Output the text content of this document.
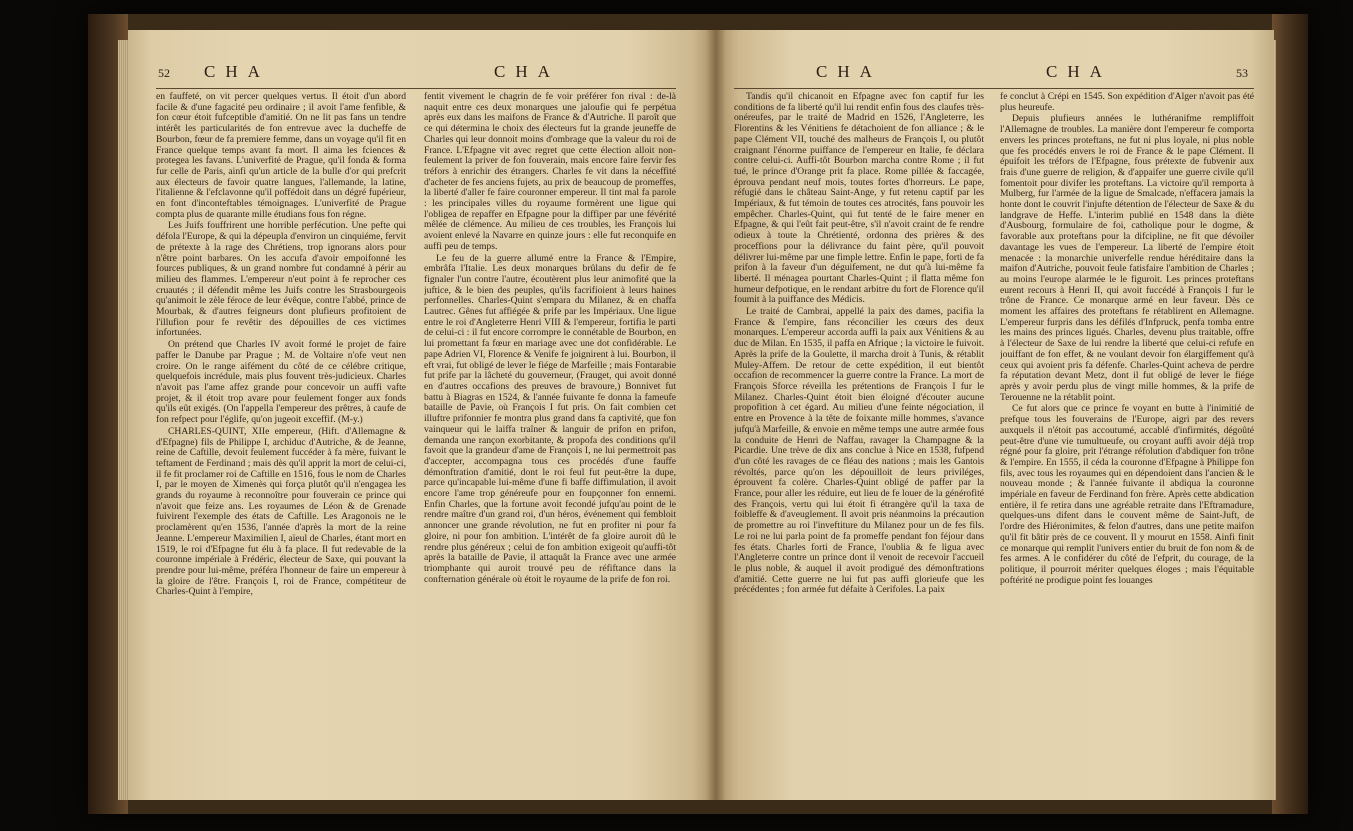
52 CHA	CHA

en fauffeté, on vit percer quelques vertus. Il étoit d'un abord facile & d'une fagacité peu ordinaire ; il avoit l'ame fenfible, & fon cœur étoit fufceptible d'amitié. On ne lit pas fans un tendre intérêt les particularités de fon entrevue avec la ducheffe de Bourbon, fœur de fa premiere femme, dans un voyage qu'il fit en France quelque temps avant fa mort. Il aima les fciences & protegea les favans. L'univerfité de Prague, qu'il fonda & forma fur celle de Paris, ainfi qu'un article de la bulle d'or qui prefcrit aux électeurs de favoir quatre langues, l'allemande, la latine, l'italienne & l'efclavonne qu'il poffédoit dans un dégré fupérieur, en font d'inconteftables témoignages. L'univerfité de Prague compta plus de quarante mille étudians fous fon régne.

Les Juifs fouffrirent une horrible perfécution. Une pefte qui défola l'Europe, & qui la dépeupla d'environ un cinquiéme, fervit de prétexte à la rage des Chrétiens, trop ignorans alors pour n'être point barbares. On les accufa d'avoir empoifonné les fources publiques, & un grand nombre fut condamné à périr au milieu des flammes. L'empereur n'eut point à fe reprocher ces cruautés ; il défendit même les Juifs contre les Strasbourgeois qu'animoit le zèle féroce de leur évêque, contre l'abbé, prince de Mourbak, & d'autres feigneurs dont plufieurs profitoient de l'illufion pour fe revêtir des dépouilles de ces victimes infortunées.

On prétend que Charles IV avoit formé le projet de faire paffer le Danube par Prague ; M. de Voltaire n'ofe veut nen croire. On le range aifément du côté de ce célébre critique, quelquefois incrédule, mais plus fouvent très-judicieux. Charles n'avoit pas l'ame affez grande pour concevoir un auffi vafte projet, & il étoit trop avare pour feulement fonger aux fonds qu'ils eût exigés. (On l'appella l'empereur des prêtres, à caufe de fon refpect pour l'églife, qu'on jugeoit exceffif. (M-y.)

CHARLES-QUINT, XIIe empereur, (Hift. d'Allemagne & d'Efpagne) fils de Philippe I, archiduc d'Autriche, & de Jeanne, reine de Caftille, devoit feulement fuccéder à fa mère, fuivant le teftament de Ferdinand ; mais dès qu'il apprit la mort de celui-ci, il fe fit proclamer roi de Caftille en 1516, fous le nom de Charles I, par le moyen de Ximenès qui força plutôt qu'il n'engagea les grands du royaume à reconnoître pour fouverain ce prince qui n'avoit que feize ans. Les royaumes de Léon & de Grenade fuivirent l'exemple des états de Caftille. Les Aragonois ne le proclamèrent qu'en 1536, l'année d'après la mort de la reine Jeanne. L'empereur Maximilien I, aïeul de Charles, étant mort en 1519, le roi d'Efpagne fut élu à fa place. Il fut redevable de la couronne impériale à Frédéric, électeur de Saxe, qui pouvant la prendre pour lui-même, préféra l'honneur de faire un empereur à la gloire de l'être. François I, roi de France, compétiteur de Charles-Quint à l'empire,

fentit vivement le chagrin de fe voir préférer fon rival : de-là naquit entre ces deux monarques une jaloufie qui fe perpétua après eux dans les maifons de France & d'Autriche. Il paroît que ce qui détermina le choix des électeurs fut la grande jeuneffe de Charles qui leur donnoit moins d'ombrage que la valeur du roi de France. L'Efpagne vit avec regret que cette élection alloit non-feulement la priver de fon fouverain, mais encore faire fervir fes tréfors à enrichir des étrangers. Charles fe vit dans la néceffité d'acheter de fes anciens fujets, au prix de beaucoup de promeffes, la liberté d'aller fe faire couronner empereur. Il tint mal fa parole : les principales villes du royaume formèrent une ligue qui l'obligea de repaffer en Efpagne pour la diffiper par une févérité mêlée de clémence. Au milieu de ces troubles, les François lui avoient enlevé la Navarre en quinze jours : elle fut reconquife en auffi peu de temps.

Le feu de la guerre allumé entre la France & l'Empire, embrâfa l'Italie. Les deux monarques brûlans du defir de fe fignaler l'un contre l'autre, écoutèrent plus leur animofité que la juftice, & le bien des peuples, qu'ils facrifioient à leurs haines perfonnelles. Charles-Quint s'empara du Milanez, & en chaffa Lautrec. Gênes fut affiégée & prife par les Impériaux. Une ligue entre le roi d'Angleterre Henri VIII & l'empereur, fortifia le parti de celui-ci : il fut encore corrompre le connétable de Bourbon, en lui promettant fa fœur en mariage avec une dot confidérable. Le pape Adrien VI, Florence & Venife fe joignirent à lui. Bourbon, il eft vrai, fut obligé de lever le fiége de Marfeille ; mais Fontarabie fut prife par la lâcheté du gouverneur, (Frauget, qui avoit donné en d'autres occafions des preuves de bravoure,) Bonnivet fut battu à Biagras en 1524, & l'année fuivante fe donna la fameufe bataille de Pavie, où François I fut pris. On fait combien cet illuftre prifonnier fe montra plus grand dans fa captivité, que fon vainqueur qui le laiffa traîner & languir de prifon en prifon, demanda une rançon exorbitante, & propofa des conditions qu'il favoit que la grandeur d'ame de François I, ne lui permettroit pas d'accepter, accompagna tous ces procédés d'une fauffe démonftration d'amitié, dont le roi feul fut peut-être la dupe, parce qu'incapable lui-même d'une fi baffe diffimulation, il avoit encore l'ame trop généreufe pour en foupçonner fon ennemi. Enfin Charles, que la fortune avoit fecondé jufqu'au point de le rendre maître d'un grand roi, d'un héros, événement qui fembloit annoncer une grande révolution, ne fut en profiter ni pour fa gloire, ni pour fon ambition. L'intérêt de fa gloire auroit dû le rendre plus généreux ; celui de fon ambition exigeoit qu'auffi-tôt après la bataille de Pavie, il attaquât la France avec une armée triomphante qui auroit trouvé peu de réfiftance dans la confternation générale où étoit le royaume de la prife de fon roi.

CHA	CHA	53

Tandis qu'il chicanoit en Efpagne avec fon captif fur les conditions de fa liberté qu'il lui rendit enfin fous des claufes très-onéreufes, par le traité de Madrid en 1526, l'Angleterre, les Florentins & les Vénitiens fe détachoient de fon alliance ; & le pape Clément VII, touché des malheurs de François I, ou plutôt craignant l'énorme puiffance de l'empereur en Italie, fe déclara contre celui-ci. Auffi-tôt Bourbon marcha contre Rome ; il fut tué, le prince d'Orange prit fa place. Rome pillée & faccagée, éprouva pendant neuf mois, toutes fortes d'horreurs. Le pape, réfugié dans le château Saint-Ange, y fut retenu captif par les Impériaux, & fut témoin de toutes ces atrocités, fans pouvoir les empêcher. Charles-Quint, qui fut tenté de le faire mener en Efpagne, & qui l'eût fait peut-être, s'il n'avoit craint de fe rendre odieux à toute la Chrétienté, ordonna des prières & des proceffions pour la délivrance du faint père, qu'il pouvoit délivrer lui-même par une fimple lettre. Enfin le pape, forti de fa prifon à la faveur d'un déguifement, ne dut qu'à lui-même fa liberté. Il ménagea pourtant Charles-Quint ; il flatta même fon humeur defpotique, en le rendant arbitre du fort de Florence qu'il foumit à la puiffance des Médicis.

Le traité de Cambrai, appellé la paix des dames, pacifia la France & l'empire, fans réconcilier les cœurs des deux monarques. L'empereur accorda auffi la paix aux Vénitiens & au duc de Milan. En 1535, il paffa en Afrique ; la victoire le fuivoit. Après la prife de la Goulette, il marcha droit à Tunis, & rétablit Muley-Affem. De retour de cette expédition, il eut bientôt occafion de recommencer la guerre contre la France. La mort de François Sforce réveilla les prétentions de François I fur le Milanez. Charles-Quint étoit bien éloigné d'écouter aucune propofition à cet égard. Au milieu d'une feinte négociation, il entre en Provence à la tête de foixante mille hommes, s'avance jufqu'à Marfeille, & envoie en même temps une autre armée fous la conduite de Henri de Naffau, ravager la Champagne & la Picardie. Une trève de dix ans conclue à Nice en 1538, fufpend d'un côté les ravages de ce fléau des nations ; mais les Gantois révoltés, parce qu'on les dépouilloit de leurs priviléges, éprouvent fa colère. Charles-Quint obligé de paffer par la France, pour aller les réduire, eut lieu de fe louer de la générofité des François, vertu qui lui étoit fi étrangère qu'il la taxa de foibleffe & d'aveuglement. Il avoit pris néanmoins la précaution de promettre au roi l'inveftiture du Milanez pour un de fes fils. Le roi ne lui parla point de fa promeffe pendant fon féjour dans fes états. Charles forti de France, l'oublia & fe ligua avec l'Angleterre contre un prince dont il venoit de recevoir l'accueil le plus noble, & auquel il avoit prodigué des démonftrations d'amitié. Cette guerre ne lui fut pas auffi glorieufe que les précédentes ; fon armée fut défaite à Cerifoles. La paix

fe conclut à Crépi en 1545. Son expédition d'Alger n'avoit pas été plus heureufe.

Depuis plufieurs années le luthéranifme rempliffoit l'Allemagne de troubles. La manière dont l'empereur fe comporta envers les princes proteftans, ne fut ni plus loyale, ni plus noble que fes procédés envers le roi de France & le pape Clément. Il épuifoit les tréfors de l'Efpagne, fous prétexte de fubvenir aux frais d'une guerre de religion, & d'appaifer une guerre civile qu'il fomentoit pour divifer les proteftans. La victoire qu'il remporta à Mulberg, fur l'armée de la ligue de Smalcade, n'effacera jamais la honte dont le couvrit l'injufte détention de l'électeur de Saxe & du landgrave de Heffe. L'interim publié en 1548 dans la diète d'Ausbourg, formulaire de foi, catholique pour le dogme, & favorable aux proteftans pour la difcipline, ne fit que dévoiler davantage les vues de l'empereur. La liberté de l'empire étoit menacée : la monarchie univerfelle rendue héréditaire dans la maifon d'Autriche, pouvoit feule fatisfaire l'ambition de Charles ; au moins l'europe alarmée le le figuroit. Les princes proteftans eurent recours à Henri II, qui avoit fuccédé à François I fur le trône de France. Ce monarque armé en leur faveur. Dès ce moment les affaires des proteftans fe rétablirent en Allemagne. L'empereur furpris dans les défilés d'Infpruck, penfa tomba entre les mains des princes ligués. Charles, devenu plus traitable, offre à l'électeur de Saxe de lui rendre la liberté que celui-ci refufe en jouiffant de fon effet, & ne voulant devoir fon élargiffement qu'à ceux qui avoient pris fa défenfe. Charles-Quint acheva de perdre fa réputation devant Metz, dont il fut obligé de lever le fiége après y avoir perdu plus de vingt mille hommes, & la prife de Terouenne ne la rétablit point.

Ce fut alors que ce prince fe voyant en butte à l'inimitié de prefque tous les fouverains de l'Europe, aigri par des revers auxquels il n'étoit pas accoutumé, accablé d'infirmités, dégoûté peut-être d'une vie tumultueufe, ou croyant auffi avoir déjà trop régné pour fa gloire, prit l'étrange réfolution d'abdiquer fon trône & l'empire. En 1555, il céda la couronne d'Efpagne à Philippe fon fils, avec tous les royaumes qui en dépendoient dans l'ancien & le nouveau monde ; & l'année fuivante il abdiqua la couronne impériale en faveur de Ferdinand fon frère. Après cette abdication entière, il fe retira dans une agréable retraite dans l'Eftramadure, quelques-uns difent dans le couvent même de Saint-Juft, de l'ordre des Hiéronimites, & felon d'autres, dans une petite maifon qu'il fit bâtir près de ce couvent. Il y mourut en 1558. Ainfi finit ce monarque qui remplit l'univers entier du bruit de fon nom & de fes armes. A le confidérer du côté de l'efprit, du courage, de la politique, il pourroit mériter quelques éloges ; mais l'équitable poftérité ne prodigue point fes louanges
